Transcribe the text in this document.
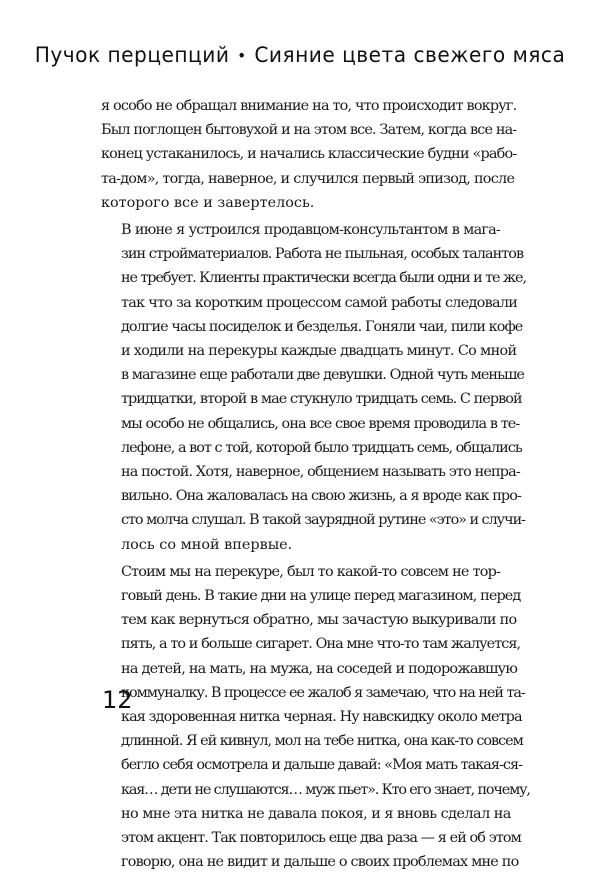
Пучок перцепций • Сияние цвета свежего мяса

я особо не обращал внимание на то, что происходит вокруг.
Был поглощен бытовухой и на этом все. Затем, когда все на-
конец устаканилось, и начались классические будни «рабо-
та-дом», тогда, наверное, и случился первый эпизод, после
которого все и завертелось.

В июне я устроился продавцом-консультантом в мага-
зин стройматериалов. Работа не пыльная, особых талантов
не требует. Клиенты практически всегда были одни и те же,
так что за коротким процессом самой работы следовали
долгие часы посиделок и безделья. Гоняли чаи, пили кофе
и ходили на перекуры каждые двадцать минут. Со мной
в магазине еще работали две девушки. Одной чуть меньше
тридцатки, второй в мае стукнуло тридцать семь. С первой
мы особо не общались, она все свое время проводила в те-
лефоне, а вот с той, которой было тридцать семь, общались
на постой. Хотя, наверное, общением называть это непра-
вильно. Она жаловалась на свою жизнь, а я вроде как про-
сто молча слушал. В такой заурядной рутине «это» и случи-
лось со мной впервые.

Стоим мы на перекуре, был то какой-то совсем не тор-
говый день. В такие дни на улице перед магазином, перед
тем как вернуться обратно, мы зачастую выкуривали по
пять, а то и больше сигарет. Она мне что-то там жалуется,
на детей, на мать, на мужа, на соседей и подорожавшую
коммуналку. В процессе ее жалоб я замечаю, что на ней та-
кая здоровенная нитка черная. Ну навскидку около метра
длинной. Я ей кивнул, мол на тебе нитка, она как-то совсем
бегло себя осмотрела и дальше давай: «Моя мать такая-ся-
кая… дети не слушаются… муж пьет». Кто его знает, почему,
но мне эта нитка не давала покоя, и я вновь сделал на
этом акцент. Так повторилось еще два раза — я ей об этом
говорю, она не видит и дальше о своих проблемах мне по

12
